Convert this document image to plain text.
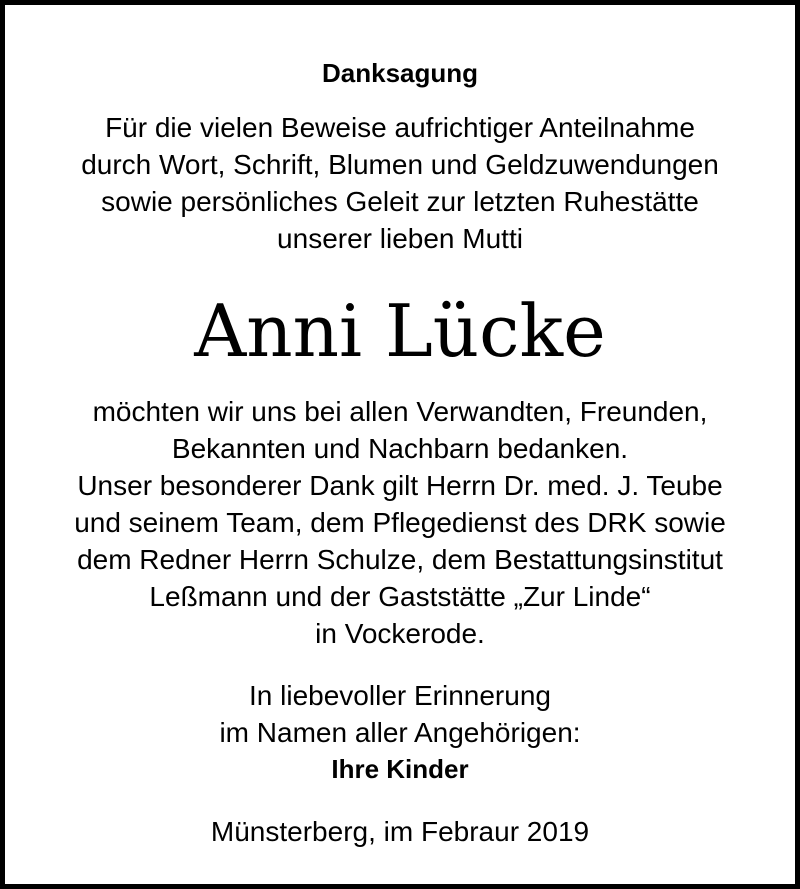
Danksagung
Für die vielen Beweise aufrichtiger Anteilnahme
durch Wort, Schrift, Blumen und Geldzuwendungen
sowie persönliches Geleit zur letzten Ruhestätte
unserer lieben Mutti
Anni Lücke
möchten wir uns bei allen Verwandten, Freunden,
Bekannten und Nachbarn bedanken.
Unser besonderer Dank gilt Herrn Dr. med. J. Teube
und seinem Team, dem Pflegedienst des DRK sowie
dem Redner Herrn Schulze, dem Bestattungsinstitut
Leßmann und der Gaststätte „Zur Linde“
in Vockerode.
In liebevoller Erinnerung
im Namen aller Angehörigen:
Ihre Kinder
Münsterberg, im Febraur 2019
